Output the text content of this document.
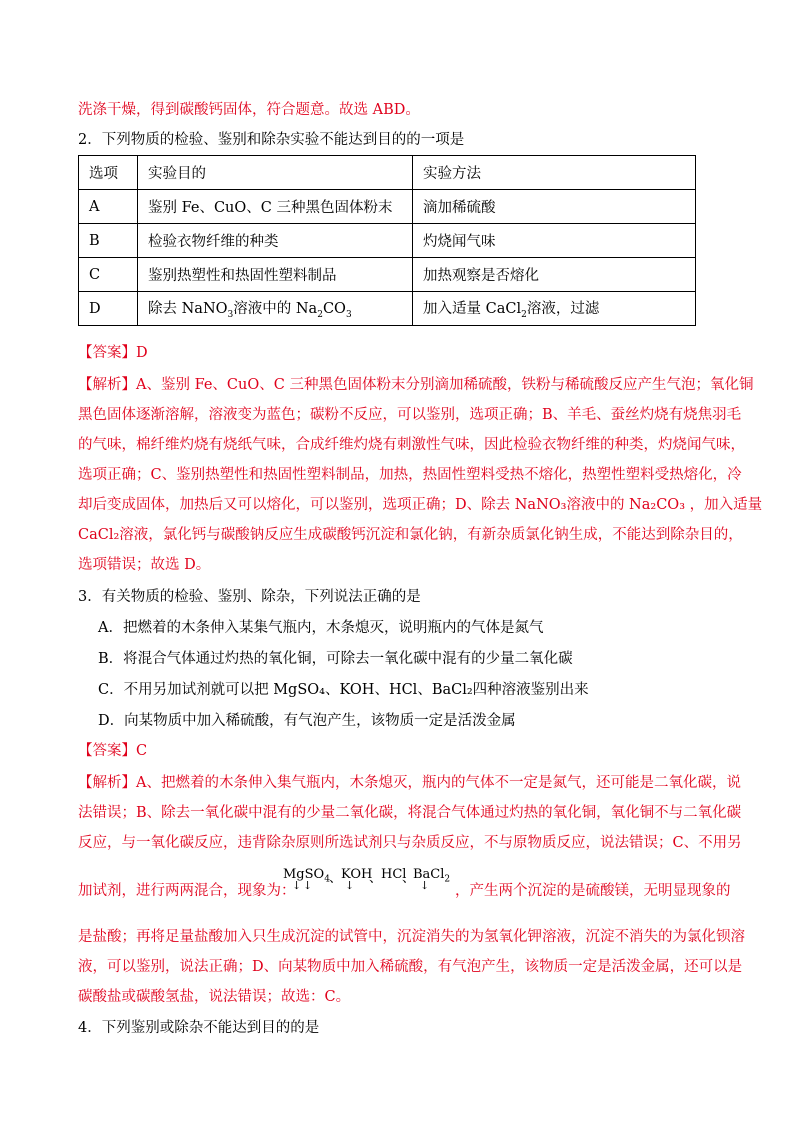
洗涤干燥，得到碳酸钙固体，符合题意。故选 ABD。
2．下列物质的检验、鉴别和除杂实验不能达到目的的一项是
选项	实验目的	实验方法
A	鉴别 Fe、CuO、C 三种黑色固体粉末	滴加稀硫酸
B	检验衣物纤维的种类	灼烧闻气味
C	鉴别热塑性和热固性塑料制品	加热观察是否熔化
D	除去 NaNO$_3$溶液中的 $Na_2CO_3$	加入适量 CaCl$_2$溶液，过滤
【答案】D
【解析】A、鉴别 Fe、CuO、C 三种黑色固体粉末分别滴加稀硫酸，铁粉与稀硫酸反应产生气泡；氧化铜
黑色固体逐渐溶解，溶液变为蓝色；碳粉不反应，可以鉴别，选项正确；B、羊毛、蚕丝灼烧有烧焦羽毛
的气味，棉纤维灼烧有烧纸气味，合成纤维灼烧有刺激性气味，因此检验衣物纤维的种类，灼烧闻气味，
选项正确；C、鉴别热塑性和热固性塑料制品，加热，热固性塑料受热不熔化，热塑性塑料受热熔化，冷
却后变成固体，加热后又可以熔化，可以鉴别，选项正确；D、除去 NaNO₃溶液中的 Na₂CO₃ ，加入适量
CaCl₂溶液，氯化钙与碳酸钠反应生成碳酸钙沉淀和氯化钠，有新杂质氯化钠生成，不能达到除杂目的，
选项错误；故选 D。
3．有关物质的检验、鉴别、除杂，下列说法正确的是
A．把燃着的木条伸入某集气瓶内，木条熄灭，说明瓶内的气体是氮气
B．将混合气体通过灼热的氧化铜，可除去一氧化碳中混有的少量二氧化碳
C．不用另加试剂就可以把 MgSO₄、KOH、HCl、BaCl₂四种溶液鉴别出来
D．向某物质中加入稀硫酸，有气泡产生，该物质一定是活泼金属
【答案】C
【解析】A、把燃着的木条伸入集气瓶内，木条熄灭，瓶内的气体不一定是氮气，还可能是二氧化碳，说
法错误；B、除去一氧化碳中混有的少量二氧化碳，将混合气体通过灼热的氧化铜，氧化铜不与二氧化碳
反应，与一氧化碳反应，违背除杂原则所选试剂只与杂质反应，不与原物质反应，说法错误；C、不用另
加试剂，进行两两混合，现象为：
MgSO$_4$ 、
KOH
、
HCl
、
BaCl$_2$
↓ ↓	↓	↓ ，产生两个沉淀的是硫酸镁，无明显现象的
是盐酸；再将足量盐酸加入只生成沉淀的试管中，沉淀消失的为氢氧化钾溶液，沉淀不消失的为氯化钡溶
液，可以鉴别，说法正确；D、向某物质中加入稀硫酸，有气泡产生，该物质一定是活泼金属，还可以是
碳酸盐或碳酸氢盐，说法错误；故选：C。
4．下列鉴别或除杂不能达到目的的是
